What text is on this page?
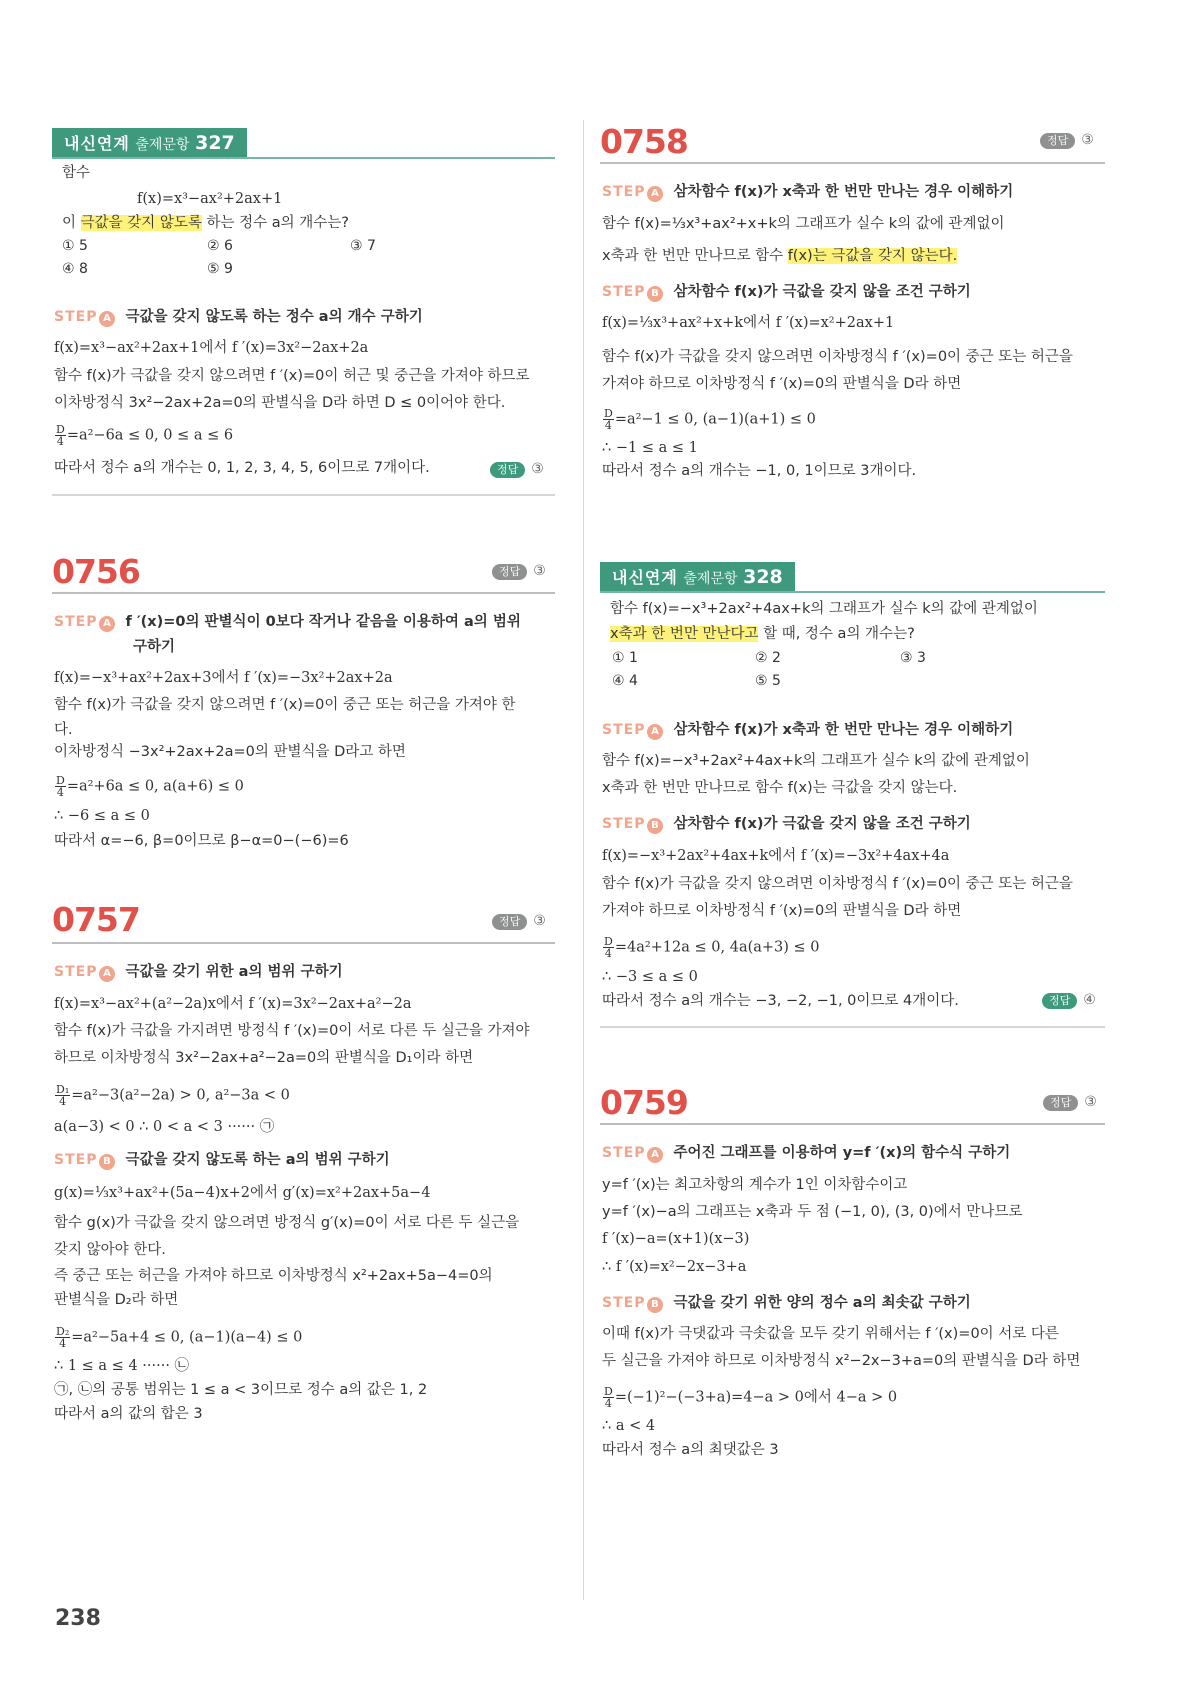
내신연계 출제문항 327
함수
f(x)=x³−ax²+2ax+1
이 극값을 갖지 않도록 하는 정수 a의 개수는?
① 5	② 6	③ 7
④ 8	⑤ 9
STEP A 극값을 갖지 않도록 하는 정수 a의 개수 구하기
f(x)=x³−ax²+2ax+1에서 f ′(x)=3x²−2ax+2a
함수 f(x)가 극값을 갖지 않으려면 f ′(x)=0이 허근 및 중근을 가져야 하므로
이차방정식 3x²−2ax+2a=0의 판별식을 D라 하면 D ≤ 0이어야 한다.
$\frac{D}{4} =a^2-6a \le 0$, 0 ≤ a ≤ 6
따라서 정수 a의 개수는 0, 1, 2, 3, 4, 5, 6이므로 7개이다.	정답 ③
0756	정답 ③
STEP A f ′(x)=0의 판별식이 0보다 작거나 같음을 이용하여 a의 범위
구하기
f(x)=−x³+ax²+2ax+3에서 f ′(x)=−3x²+2ax+2a
함수 f(x)가 극값을 갖지 않으려면 f ′(x)=0이 중근 또는 허근을 가져야 한
다.
이차방정식 −3x²+2ax+2a=0의 판별식을 D라고 하면
$\frac{D}{4} =a^2+6a \le 0$, a(a+6) ≤ 0
∴ −6 ≤ a ≤ 0
따라서 α=−6, β=0이므로 β−α=0−(−6)=6
0757	정답 ③
STEP A 극값을 갖기 위한 a의 범위 구하기
f(x)=x³−ax²+(a²−2a)x에서 f ′(x)=3x²−2ax+a²−2a
함수 f(x)가 극값을 가지려면 방정식 f ′(x)=0이 서로 다른 두 실근을 가져야
하므로 이차방정식 3x²−2ax+a²−2a=0의 판별식을 D₁이라 하면
$\frac{\text{D₁}}{4} =a^2-3(a^2-2a) > 0$, a²−3a < 0
a(a−3) < 0 ∴ 0 < a < 3 ······ ㉠
STEP B 극값을 갖지 않도록 하는 a의 범위 구하기
g(x)=⅓x³+ax²+(5a−4)x+2에서 g′(x)=x²+2ax+5a−4
함수 g(x)가 극값을 갖지 않으려면 방정식 g′(x)=0이 서로 다른 두 실근을
갖지 않아야 한다.
즉 중근 또는 허근을 가져야 하므로 이차방정식 x²+2ax+5a−4=0의
판별식을 D₂라 하면
$\frac{\text{D₂}}{4} =a^2-5a+4 \le 0$, (a−1)(a−4) ≤ 0
∴ 1 ≤ a ≤ 4 ······ ㉡
㉠, ㉡의 공통 범위는 1 ≤ a < 3이므로 정수 a의 값은 1, 2
따라서 a의 값의 합은 3
0758	정답 ③
STEP A 삼차함수 f(x)가 x축과 한 번만 만나는 경우 이해하기
함수 f(x)=⅓x³+ax²+x+k의 그래프가 실수 k의 값에 관계없이
x축과 한 번만 만나므로 함수 f(x)는 극값을 갖지 않는다.
STEP B 삼차함수 f(x)가 극값을 갖지 않을 조건 구하기
f(x)=⅓x³+ax²+x+k에서 f ′(x)=x²+2ax+1
함수 f(x)가 극값을 갖지 않으려면 이차방정식 f ′(x)=0이 중근 또는 허근을
가져야 하므로 이차방정식 f ′(x)=0의 판별식을 D라 하면
$\frac{D}{4} =a^2-1 \le 0$, (a−1)(a+1) ≤ 0
∴ −1 ≤ a ≤ 1
따라서 정수 a의 개수는 −1, 0, 1이므로 3개이다.
내신연계 출제문항 328
함수 f(x)=−x³+2ax²+4ax+k의 그래프가 실수 k의 값에 관계없이
x축과 한 번만 만난다고 할 때, 정수 a의 개수는?
① 1	② 2	③ 3
④ 4	⑤ 5
STEP A 삼차함수 f(x)가 x축과 한 번만 만나는 경우 이해하기
함수 f(x)=−x³+2ax²+4ax+k의 그래프가 실수 k의 값에 관계없이
x축과 한 번만 만나므로 함수 f(x)는 극값을 갖지 않는다.
STEP B 삼차함수 f(x)가 극값을 갖지 않을 조건 구하기
f(x)=−x³+2ax²+4ax+k에서 f ′(x)=−3x²+4ax+4a
함수 f(x)가 극값을 갖지 않으려면 이차방정식 f ′(x)=0이 중근 또는 허근을
가져야 하므로 이차방정식 f ′(x)=0의 판별식을 D라 하면
$\frac{D}{4} =4a^2+12a \le 0$, 4a(a+3) ≤ 0
∴ −3 ≤ a ≤ 0
따라서 정수 a의 개수는 −3, −2, −1, 0이므로 4개이다.	정답 ④
0759	정답 ③
STEP A 주어진 그래프를 이용하여 y=f ′(x)의 함수식 구하기
y=f ′(x)는 최고차항의 계수가 1인 이차함수이고
y=f ′(x)−a의 그래프는 x축과 두 점 (−1, 0), (3, 0)에서 만나므로
f ′(x)−a=(x+1)(x−3)
∴ f ′(x)=x²−2x−3+a
STEP B 극값을 갖기 위한 양의 정수 a의 최솟값 구하기
이때 f(x)가 극댓값과 극솟값을 모두 갖기 위해서는 f ′(x)=0이 서로 다른
두 실근을 가져야 하므로 이차방정식 x²−2x−3+a=0의 판별식을 D라 하면
$\frac{D}{4} =(-1)^2-(-3+a)=4-a > 0$에서 4−a > 0
∴ a < 4
따라서 정수 a의 최댓값은 3
238
